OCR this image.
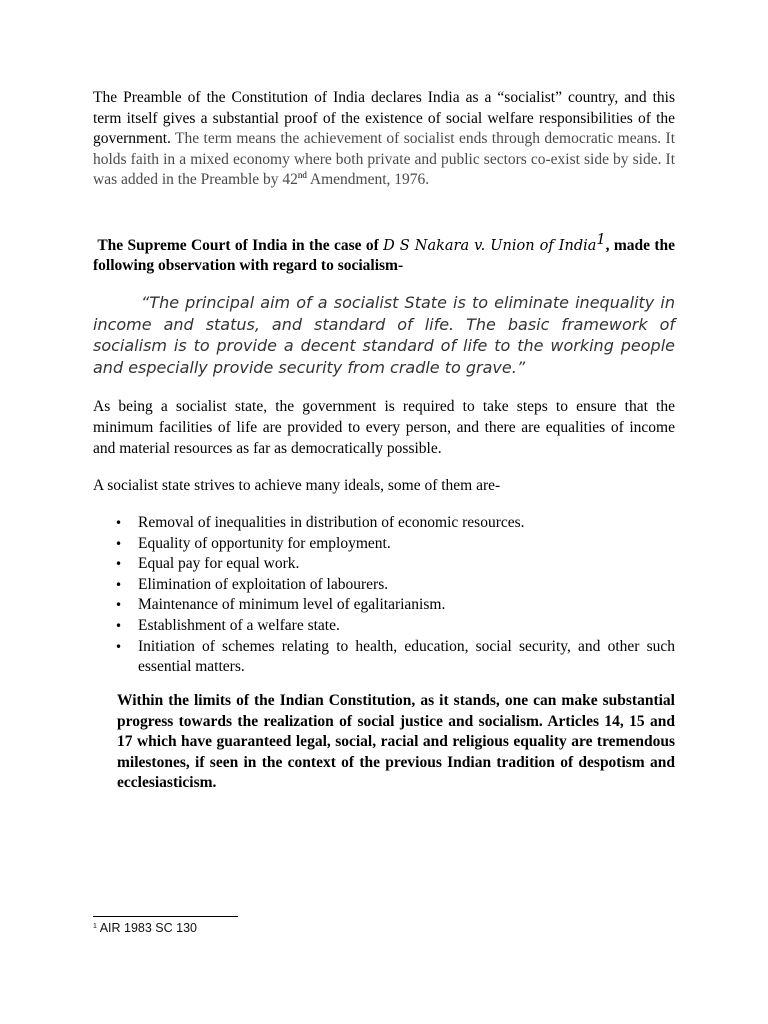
The Preamble of the Constitution of India declares India as a “socialist” country, and this term itself gives a substantial proof of the existence of social welfare responsibilities of the government. The term means the achievement of socialist ends through democratic means. It holds faith in a mixed economy where both private and public sectors co-exist side by side. It was added in the Preamble by 42nd Amendment, 1976.

The Supreme Court of India in the case of D S Nakara v. Union of India$^1$, made the following observation with regard to socialism-

“The principal aim of a socialist State is to eliminate inequality in income and status, and standard of life. The basic framework of socialism is to provide a decent standard of life to the working people and especially provide security from cradle to grave.”

As being a socialist state, the government is required to take steps to ensure that the minimum facilities of life are provided to every person, and there are equalities of income and material resources as far as democratically possible.

A socialist state strives to achieve many ideals, some of them are-

• Removal of inequalities in distribution of economic resources.
• Equality of opportunity for employment.
• Equal pay for equal work.
• Elimination of exploitation of labourers.
• Maintenance of minimum level of egalitarianism.
• Establishment of a welfare state.
• Initiation of schemes relating to health, education, social security, and other such essential matters.

Within the limits of the Indian Constitution, as it stands, one can make substantial progress towards the realization of social justice and socialism. Articles 14, 15 and 17 which have guaranteed legal, social, racial and religious equality are tremendous milestones, if seen in the context of the previous Indian tradition of despotism and ecclesiasticism.

$^1$ AIR 1983 SC 130
